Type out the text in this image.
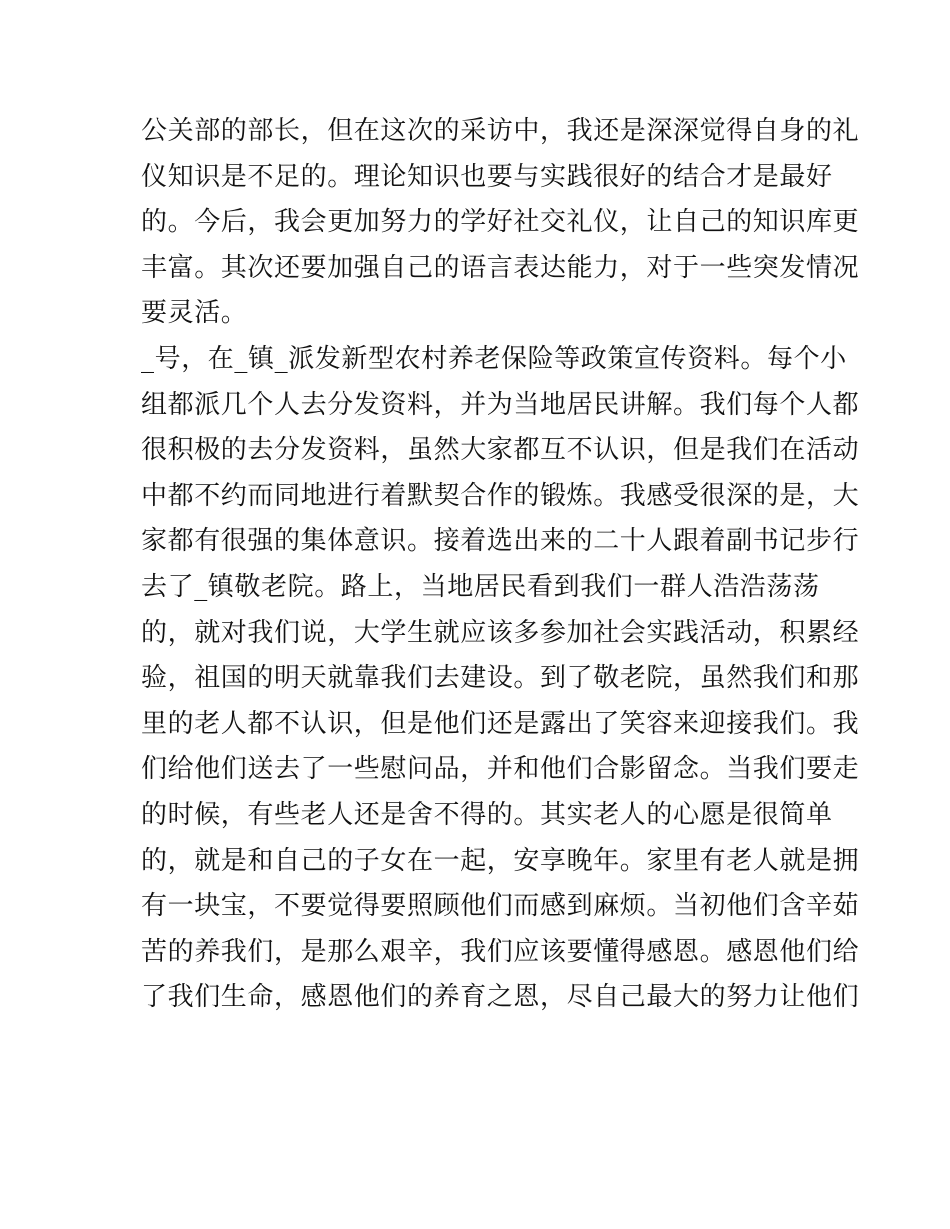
公关部的部长，但在这次的采访中，我还是深深觉得自身的礼
仪知识是不足的。理论知识也要与实践很好的结合才是最好
的。今后，我会更加努力的学好社交礼仪，让自己的知识库更
丰富。其次还要加强自己的语言表达能力，对于一些突发情况
要灵活。
_号，在_镇_派发新型农村养老保险等政策宣传资料。每个小
组都派几个人去分发资料，并为当地居民讲解。我们每个人都
很积极的去分发资料，虽然大家都互不认识，但是我们在活动
中都不约而同地进行着默契合作的锻炼。我感受很深的是，大
家都有很强的集体意识。接着选出来的二十人跟着副书记步行
去了_镇敬老院。路上，当地居民看到我们一群人浩浩荡荡
的，就对我们说，大学生就应该多参加社会实践活动，积累经
验，祖国的明天就靠我们去建设。到了敬老院，虽然我们和那
里的老人都不认识，但是他们还是露出了笑容来迎接我们。我
们给他们送去了一些慰问品，并和他们合影留念。当我们要走
的时候，有些老人还是舍不得的。其实老人的心愿是很简单
的，就是和自己的子女在一起，安享晚年。家里有老人就是拥
有一块宝，不要觉得要照顾他们而感到麻烦。当初他们含辛茹
苦的养我们，是那么艰辛，我们应该要懂得感恩。感恩他们给
了我们生命，感恩他们的养育之恩，尽自己最大的努力让他们
